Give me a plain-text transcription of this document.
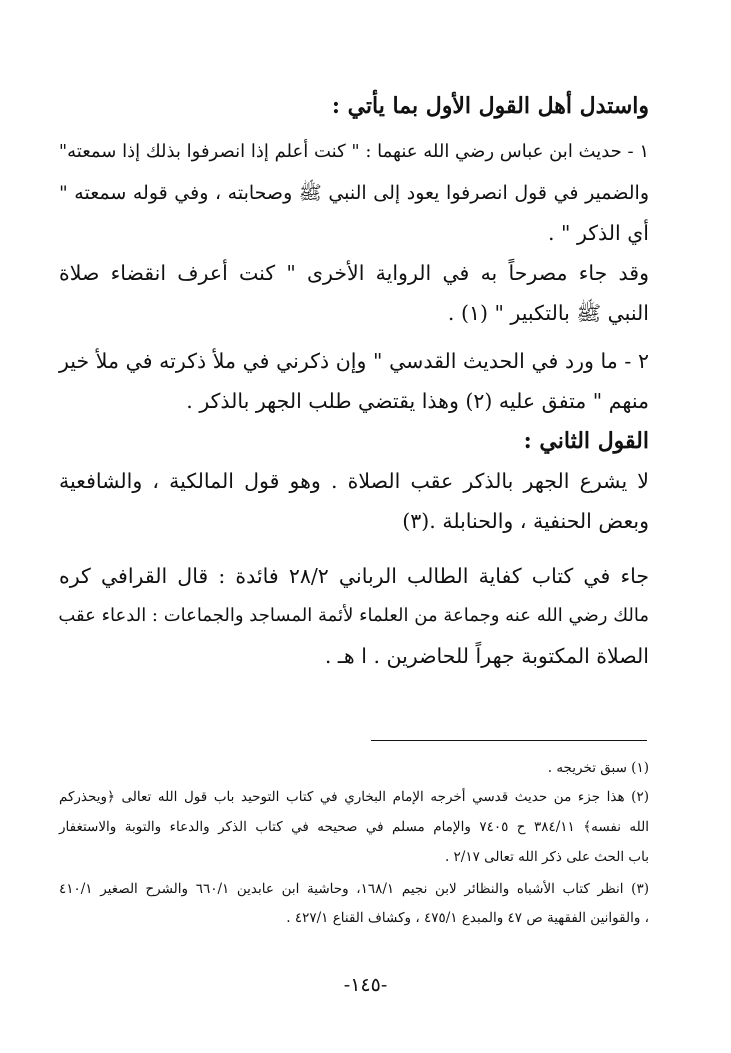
واستدل أهل القول الأول بما يأتي :
١ - حديث ابن عباس رضي الله عنهما : " كنت أعلم إذا انصرفوا بذلك إذا سمعته"
والضمير في قول انصرفوا يعود إلى النبي ﷺ وصحابته ، وفي قوله سمعته "
أي الذكر " .
وقد جاء مصرحاً به في الرواية الأخرى " كنت أعرف انقضاء صلاة
النبي ﷺ بالتكبير " (١) .
٢ - ما ورد في الحديث القدسي " وإن ذكرني في ملأ ذكرته في ملأ خير
منهم " متفق عليه (٢) وهذا يقتضي طلب الجهر بالذكر .
القول الثاني :
لا يشرع الجهر بالذكر عقب الصلاة . وهو قول المالكية ، والشافعية
وبعض الحنفية ، والحنابلة .(٣)
جاء في كتاب كفاية الطالب الرباني ٢٨/٢ فائدة : قال القرافي كره
مالك رضي الله عنه وجماعة من العلماء لأئمة المساجد والجماعات : الدعاء عقب
الصلاة المكتوبة جهراً للحاضرين . ا هـ .
(١) سبق تخريجه .
(٢) هذا جزء من حديث قدسي أخرجه الإمام البخاري في كتاب التوحيد باب قول الله تعالى ﴿ويحذركم
الله نفسه﴾ ٣٨٤/١١ ح ٧٤٠٥ والإمام مسلم في صحيحه في كتاب الذكر والدعاء والتوبة والاستغفار
باب الحث على ذكر الله تعالى ٢/١٧ .
(٣) انظر كتاب الأشباه والنظائر لابن نجيم ١٦٨/١، وحاشية ابن عابدين ٦٦٠/١ والشرح الصغير ٤١٠/١
، والقوانين الفقهية ص ٤٧ والمبدع ٤٧٥/١ ، وكشاف القناع ٤٢٧/١ .
-١٤٥-
